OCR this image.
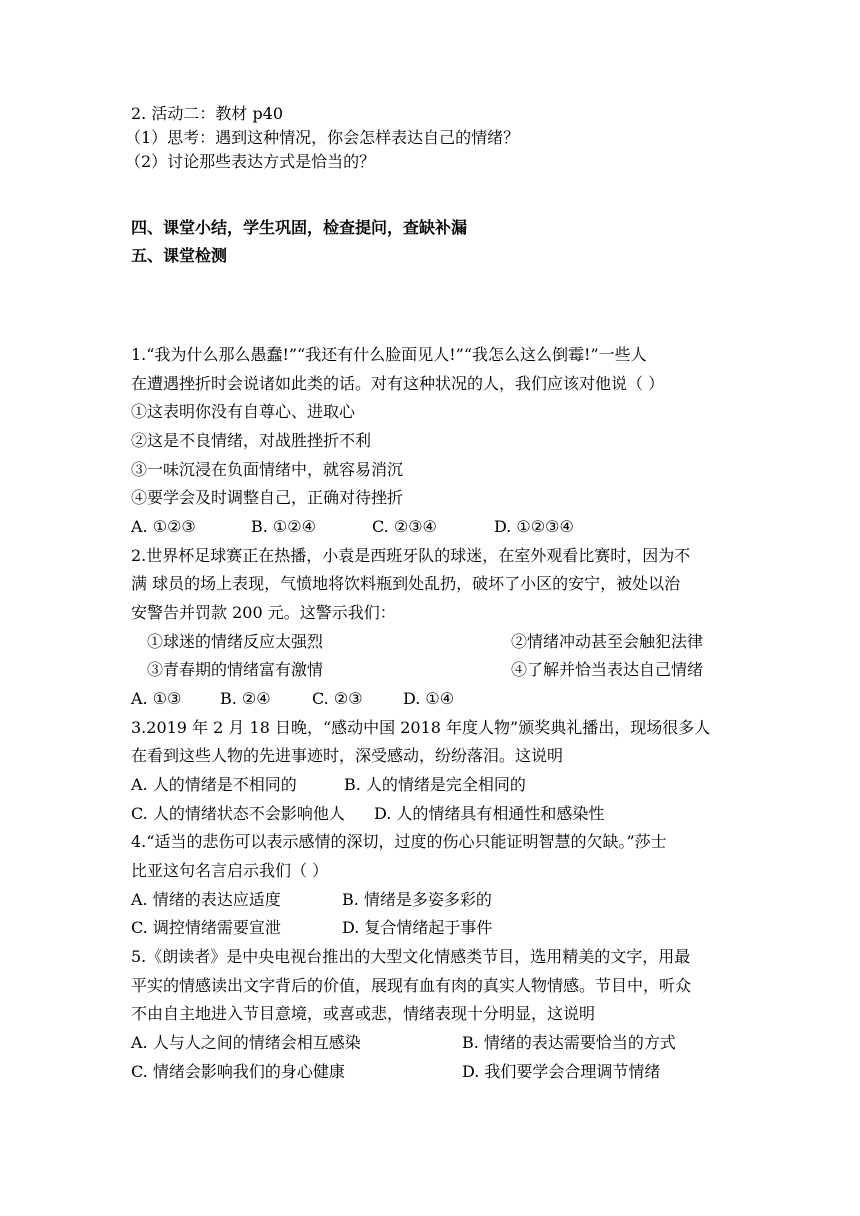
2. 活动二：教材 p40
（1）思考：遇到这种情况，你会怎样表达自己的情绪？
（2）讨论那些表达方式是恰当的？
四、课堂小结，学生巩固，检查提问，查缺补漏
五、课堂检测
1.“我为什么那么愚蠢!”“我还有什么脸面见人!”“我怎么这么倒霉!”一些人
在遭遇挫折时会说诸如此类的话。对有这种状况的人，我们应该对他说（ ）
①这表明你没有自尊心、进取心
②这是不良情绪，对战胜挫折不利
③一味沉浸在负面情绪中，就容易消沉
④要学会及时调整自己，正确对待挫折
A. ①②③	B. ①②④	C. ②③④	D. ①②③④
2.世界杯足球赛正在热播，小袁是西班牙队的球迷，在室外观看比赛时，因为不
满 球员的场上表现，气愤地将饮料瓶到处乱扔，破坏了小区的安宁，被处以治
安警告并罚款 200 元。这警示我们：
①球迷的情绪反应太强烈	②情绪冲动甚至会触犯法律
③青春期的情绪富有激情	④了解并恰当表达自己情绪
A. ①③ B. ②④	C. ②③	D. ①④
3.2019 年 2 月 18 日晚，“感动中国 2018 年度人物”颁奖典礼播出，现场很多人
在看到这些人物的先进事迹时，深受感动，纷纷落泪。这说明
A. 人的情绪是不相同的	B. 人的情绪是完全相同的
C. 人的情绪状态不会影响他人 D. 人的情绪具有相通性和感染性
4.“适当的悲伤可以表示感情的深切，过度的伤心只能证明智慧的欠缺。”莎士
比亚这句名言启示我们（ ）
A. 情绪的表达应适度	B. 情绪是多姿多彩的
C. 调控情绪需要宣泄	D. 复合情绪起于事件
5.《朗读者》是中央电视台推出的大型文化情感类节目，选用精美的文字，用最
平实的情感读出文字背后的价值，展现有血有肉的真实人物情感。节目中，听众
不由自主地进入节目意境，或喜或悲，情绪表现十分明显，这说明
A. 人与人之间的情绪会相互感染	B. 情绪的表达需要恰当的方式
C. 情绪会影响我们的身心健康	D. 我们要学会合理调节情绪
